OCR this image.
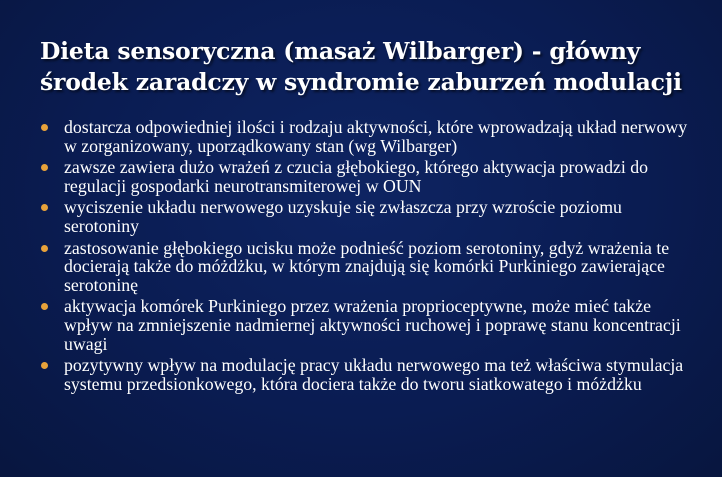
Dieta sensoryczna (masaż Wilbarger) - główny środek zaradczy w syndromie zaburzeń modulacji
dostarcza odpowiedniej ilości i rodzaju aktywności, które wprowadzają układ nerwowy w zorganizowany, uporządkowany stan (wg Wilbarger)
zawsze zawiera dużo wrażeń z czucia głębokiego, którego aktywacja prowadzi do regulacji gospodarki neurotransmiterowej w OUN
wyciszenie układu nerwowego uzyskuje się zwłaszcza przy wzroście poziomu serotoniny
zastosowanie głębokiego ucisku może podnieść poziom serotoniny, gdyż wrażenia te docierają także do móżdżku, w którym znajdują się komórki Purkiniego zawierające serotoninę
aktywacja komórek Purkiniego przez wrażenia proprioceptywne, może mieć także wpływ na zmniejszenie nadmiernej aktywności ruchowej i poprawę stanu koncentracji uwagi
pozytywny wpływ na modulację pracy układu nerwowego ma też właściwa stymulacja systemu przedsionkowego, która dociera także do tworu siatkowatego i móżdżku
